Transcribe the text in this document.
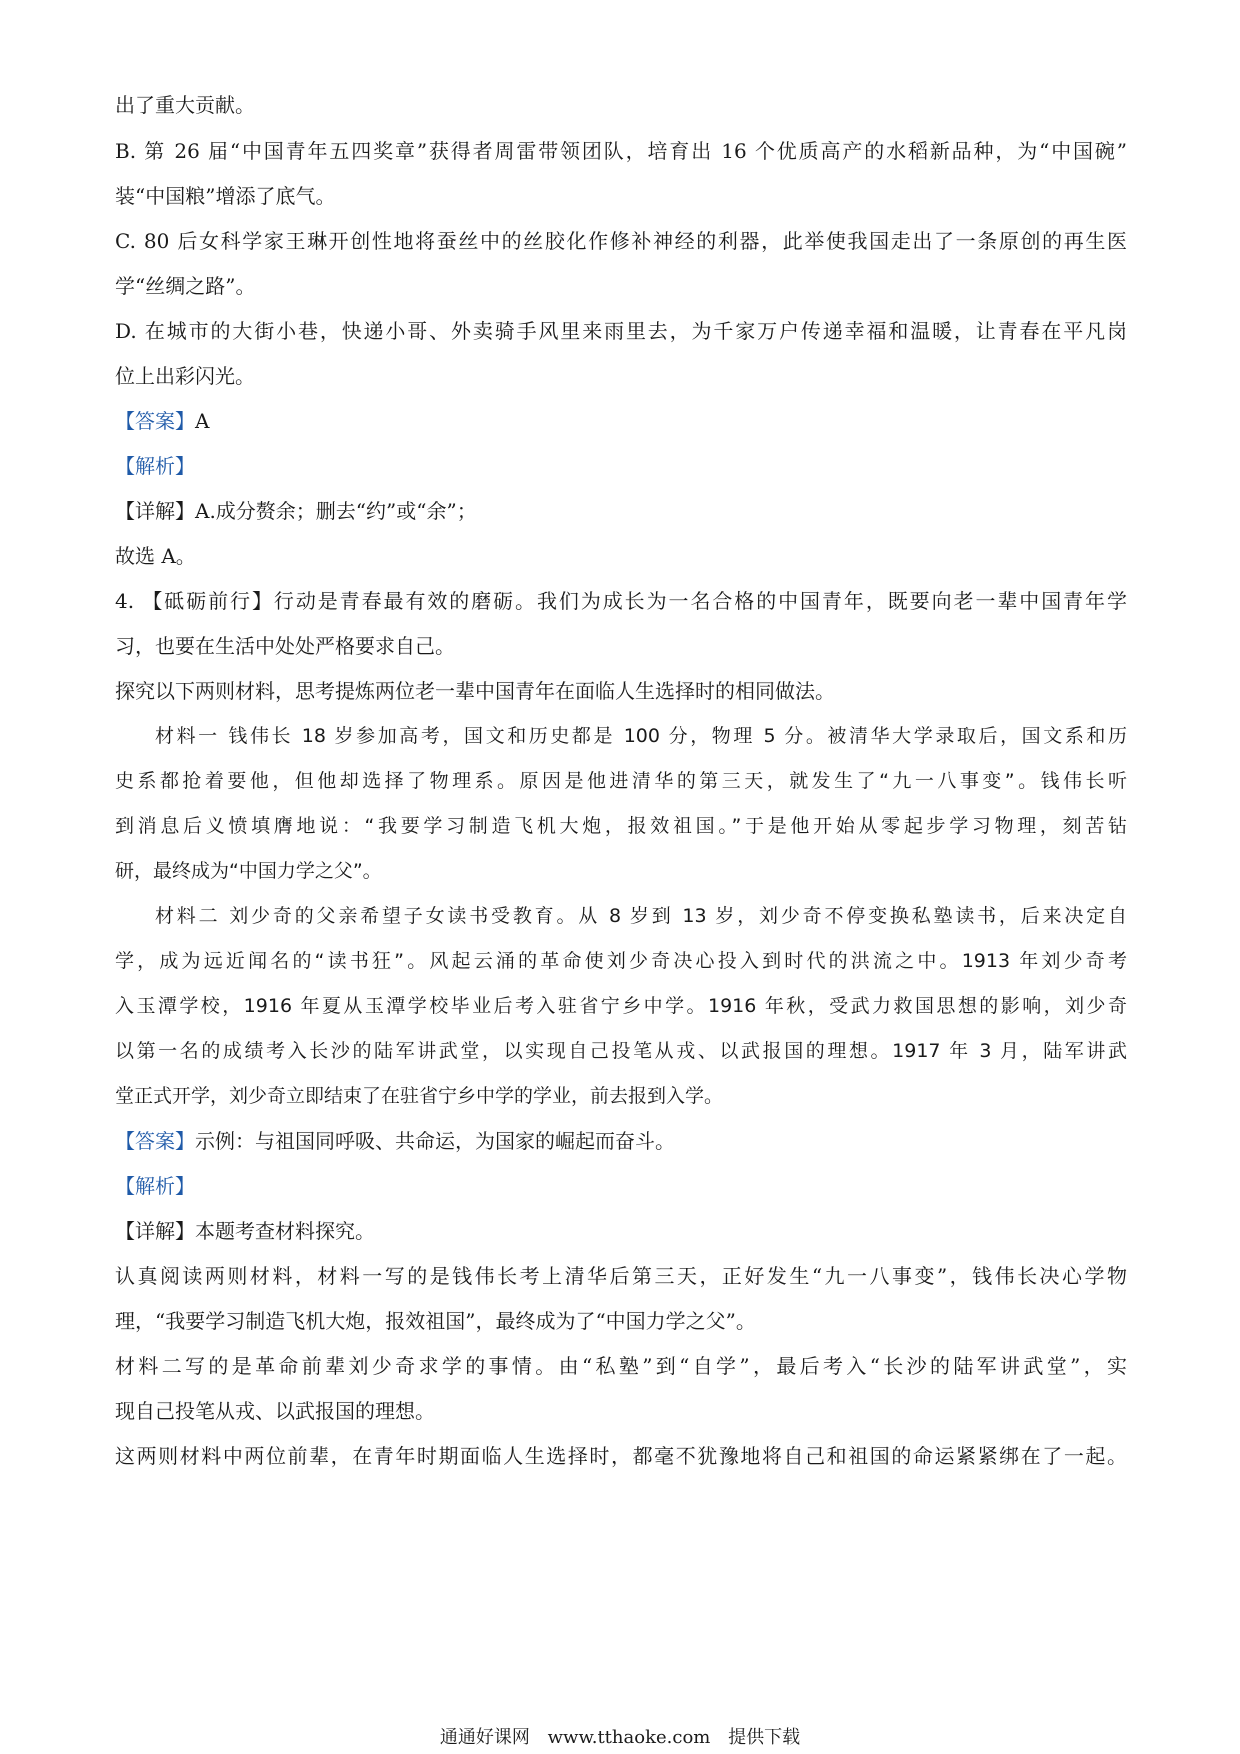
出了重大贡献。
B. 第 26 届“中国青年五四奖章”获得者周雷带领团队，培育出 16 个优质高产的水稻新品种，为“中国碗”
装“中国粮”增添了底气。
C. 80 后女科学家王琳开创性地将蚕丝中的丝胶化作修补神经的利器，此举使我国走出了一条原创的再生医
学“丝绸之路”。
D. 在城市的大街小巷，快递小哥、外卖骑手风里来雨里去，为千家万户传递幸福和温暖，让青春在平凡岗
位上出彩闪光。
【答案】A
【解析】
【详解】A.成分赘余；删去“约”或“余”；
故选 A。
4. 【砥砺前行】行动是青春最有效的磨砺。我们为成长为一名合格的中国青年，既要向老一辈中国青年学
习，也要在生活中处处严格要求自己。
探究以下两则材料，思考提炼两位老一辈中国青年在面临人生选择时的相同做法。
材料一 钱伟长 18 岁参加高考，国文和历史都是 100 分，物理 5 分。被清华大学录取后，国文系和历
史系都抢着要他，但他却选择了物理系。原因是他进清华的第三天，就发生了“九一八事变”。钱伟长听
到消息后义愤填膺地说：“我要学习制造飞机大炮，报效祖国。”于是他开始从零起步学习物理，刻苦钻
研，最终成为“中国力学之父”。
材料二 刘少奇的父亲希望子女读书受教育。从 8 岁到 13 岁，刘少奇不停变换私塾读书，后来决定自
学，成为远近闻名的“读书狂”。风起云涌的革命使刘少奇决心投入到时代的洪流之中。1913 年刘少奇考
入玉潭学校，1916 年夏从玉潭学校毕业后考入驻省宁乡中学。1916 年秋，受武力救国思想的影响，刘少奇
以第一名的成绩考入长沙的陆军讲武堂，以实现自己投笔从戎、以武报国的理想。1917 年 3 月，陆军讲武
堂正式开学，刘少奇立即结束了在驻省宁乡中学的学业，前去报到入学。
【答案】示例：与祖国同呼吸、共命运，为国家的崛起而奋斗。
【解析】
【详解】本题考查材料探究。
认真阅读两则材料，材料一写的是钱伟长考上清华后第三天，正好发生“九一八事变”，钱伟长决心学物
理，“我要学习制造飞机大炮，报效祖国”，最终成为了“中国力学之父”。
材料二写的是革命前辈刘少奇求学的事情。由“私塾”到“自学”，最后考入“长沙的陆军讲武堂”，实
现自己投笔从戎、以武报国的理想。
这两则材料中两位前辈，在青年时期面临人生选择时，都毫不犹豫地将自己和祖国的命运紧紧绑在了一起。
通通好课网 www.tthaoke.com 提供下载
